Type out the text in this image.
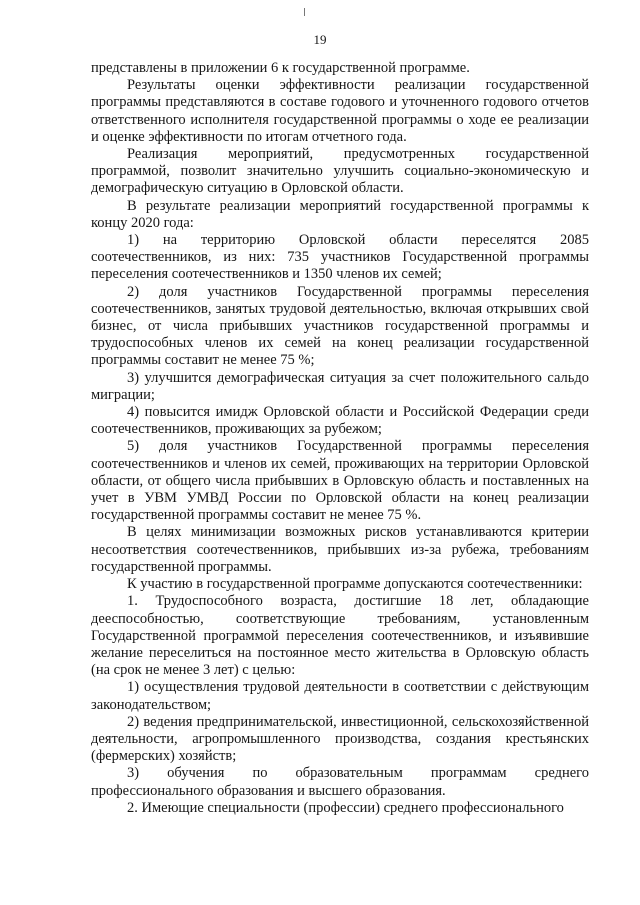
19

представлены в приложении 6 к государственной программе.

Результаты оценки эффективности реализации государственной программы представляются в составе годового и уточненного годового отчетов ответственного исполнителя государственной программы о ходе ее реализации и оценке эффективности по итогам отчетного года.

Реализация мероприятий, предусмотренных государственной программой, позволит значительно улучшить социально-экономическую и демографическую ситуацию в Орловской области.

В результате реализации мероприятий государственной программы к концу 2020 года:

1) на территорию Орловской области переселятся 2085 соотечественников, из них: 735 участников Государственной программы переселения соотечественников и 1350 членов их семей;

2) доля участников Государственной программы переселения соотечественников, занятых трудовой деятельностью, включая открывших свой бизнес, от числа прибывших участников государственной программы и трудоспособных членов их семей на конец реализации государственной программы составит не менее 75 %;

3) улучшится демографическая ситуация за счет положительного сальдо миграции;

4) повысится имидж Орловской области и Российской Федерации среди соотечественников, проживающих за рубежом;

5) доля участников Государственной программы переселения соотечественников и членов их семей, проживающих на территории Орловской области, от общего числа прибывших в Орловскую область и поставленных на учет в УВМ УМВД России по Орловской области на конец реализации государственной программы составит не менее 75 %.

В целях минимизации возможных рисков устанавливаются критерии несоответствия соотечественников, прибывших из-за рубежа, требованиям государственной программы.

К участию в государственной программе допускаются соотечественники:

1. Трудоспособного возраста, достигшие 18 лет, обладающие дееспособностью, соответствующие требованиям, установленным Государственной программой переселения соотечественников, и изъявившие желание переселиться на постоянное место жительства в Орловскую область (на срок не менее 3 лет) с целью:

1) осуществления трудовой деятельности в соответствии с действующим законодательством;

2) ведения предпринимательской, инвестиционной, сельскохозяйственной деятельности, агропромышленного производства, создания крестьянских (фермерских) хозяйств;

3) обучения по образовательным программам среднего профессионального образования и высшего образования.

2. Имеющие специальности (профессии) среднего профессионального
